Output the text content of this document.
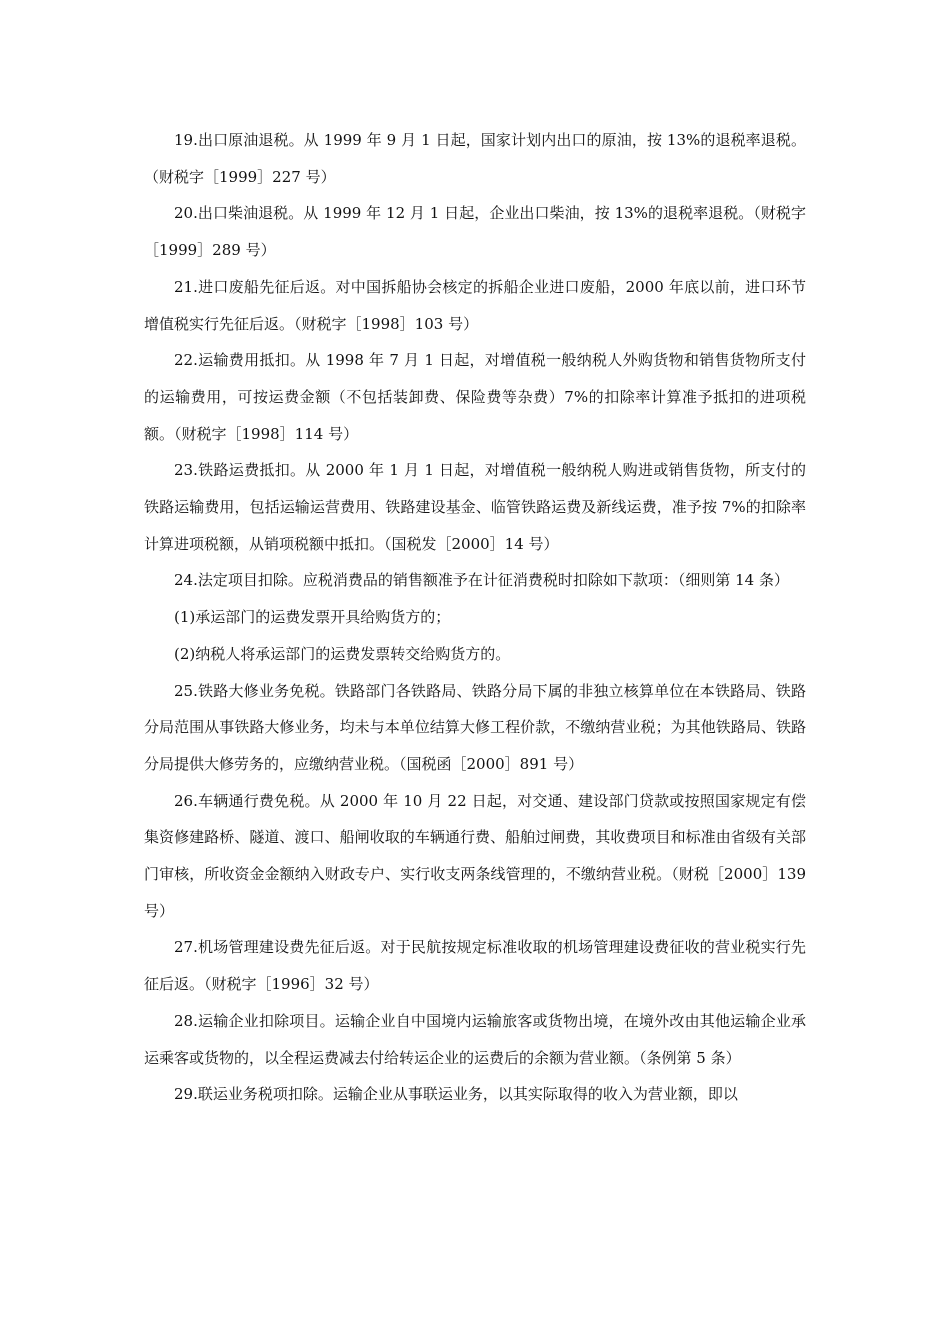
19.出口原油退税。从 1999 年 9 月 1 日起，国家计划内出口的原油，按 13%的退税率退税。（财税字［1999］227 号）

20.出口柴油退税。从 1999 年 12 月 1 日起，企业出口柴油，按 13%的退税率退税。（财税字［1999］289 号）

21.进口废船先征后返。对中国拆船协会核定的拆船企业进口废船，2000 年底以前，进口环节增值税实行先征后返。（财税字［1998］103 号）

22.运输费用抵扣。从 1998 年 7 月 1 日起，对增值税一般纳税人外购货物和销售货物所支付的运输费用，可按运费金额（不包括装卸费、保险费等杂费）7%的扣除率计算准予抵扣的进项税额。（财税字［1998］114 号）

23.铁路运费抵扣。从 2000 年 1 月 1 日起，对增值税一般纳税人购进或销售货物，所支付的铁路运输费用，包括运输运营费用、铁路建设基金、临管铁路运费及新线运费，准予按 7%的扣除率计算进项税额，从销项税额中抵扣。（国税发［2000］14 号）

24.法定项目扣除。应税消费品的销售额准予在计征消费税时扣除如下款项：（细则第 14 条）

(1)承运部门的运费发票开具给购货方的；

(2)纳税人将承运部门的运费发票转交给购货方的。

25.铁路大修业务免税。铁路部门各铁路局、铁路分局下属的非独立核算单位在本铁路局、铁路分局范围从事铁路大修业务，均未与本单位结算大修工程价款，不缴纳营业税；为其他铁路局、铁路分局提供大修劳务的，应缴纳营业税。（国税函［2000］891 号）

26.车辆通行费免税。从 2000 年 10 月 22 日起，对交通、建设部门贷款或按照国家规定有偿集资修建路桥、隧道、渡口、船闸收取的车辆通行费、船舶过闸费，其收费项目和标准由省级有关部门审核，所收资金金额纳入财政专户、实行收支两条线管理的，不缴纳营业税。（财税［2000］139 号）

27.机场管理建设费先征后返。对于民航按规定标准收取的机场管理建设费征收的营业税实行先征后返。（财税字［1996］32 号）

28.运输企业扣除项目。运输企业自中国境内运输旅客或货物出境，在境外改由其他运输企业承运乘客或货物的，以全程运费减去付给转运企业的运费后的余额为营业额。（条例第 5 条）

29.联运业务税项扣除。运输企业从事联运业务，以其实际取得的收入为营业额，即以
